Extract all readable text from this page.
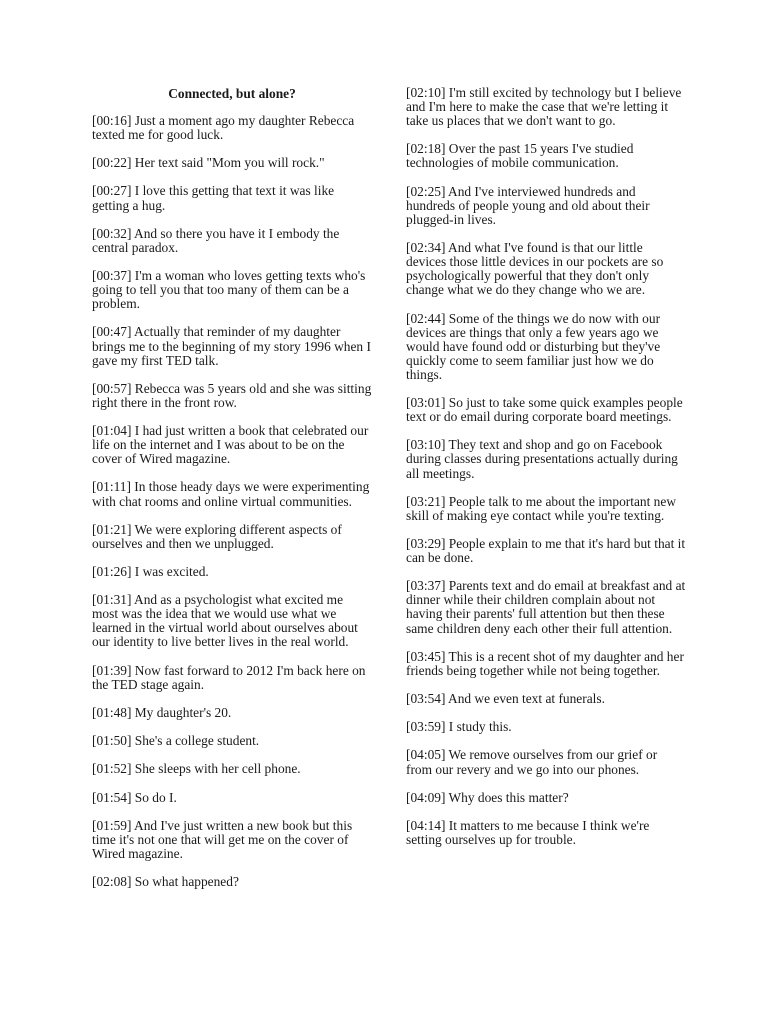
Connected, but alone?

[00:16] Just a moment ago my daughter Rebecca texted me for good luck.

[00:22] Her text said "Mom you will rock."

[00:27] I love this getting that text it was like getting a hug.

[00:32] And so there you have it I embody the central paradox.

[00:37] I'm a woman who loves getting texts who's going to tell you that too many of them can be a problem.

[00:47] Actually that reminder of my daughter brings me to the beginning of my story 1996 when I gave my first TED talk.

[00:57] Rebecca was 5 years old and she was sitting right there in the front row.

[01:04] I had just written a book that celebrated our life on the internet and I was about to be on the cover of Wired magazine.

[01:11] In those heady days we were experimenting with chat rooms and online virtual communities.

[01:21] We were exploring different aspects of ourselves and then we unplugged.

[01:26] I was excited.

[01:31] And as a psychologist what excited me most was the idea that we would use what we learned in the virtual world about ourselves about our identity to live better lives in the real world.

[01:39] Now fast forward to 2012 I'm back here on the TED stage again.

[01:48] My daughter's 20.

[01:50] She's a college student.

[01:52] She sleeps with her cell phone.

[01:54] So do I.

[01:59] And I've just written a new book but this time it's not one that will get me on the cover of Wired magazine.

[02:08] So what happened?

[02:10] I'm still excited by technology but I believe and I'm here to make the case that we're letting it take us places that we don't want to go.

[02:18] Over the past 15 years I've studied technologies of mobile communication.

[02:25] And I've interviewed hundreds and hundreds of people young and old about their plugged-in lives.

[02:34] And what I've found is that our little devices those little devices in our pockets are so psychologically powerful that they don't only change what we do they change who we are.

[02:44] Some of the things we do now with our devices are things that only a few years ago we would have found odd or disturbing but they've quickly come to seem familiar just how we do things.

[03:01] So just to take some quick examples people text or do email during corporate board meetings.

[03:10] They text and shop and go on Facebook during classes during presentations actually during all meetings.

[03:21] People talk to me about the important new skill of making eye contact while you're texting.

[03:29] People explain to me that it's hard but that it can be done.

[03:37] Parents text and do email at breakfast and at dinner while their children complain about not having their parents' full attention but then these same children deny each other their full attention.

[03:45] This is a recent shot of my daughter and her friends being together while not being together.

[03:54] And we even text at funerals.

[03:59] I study this.

[04:05] We remove ourselves from our grief or from our revery and we go into our phones.

[04:09] Why does this matter?

[04:14] It matters to me because I think we're setting ourselves up for trouble.
